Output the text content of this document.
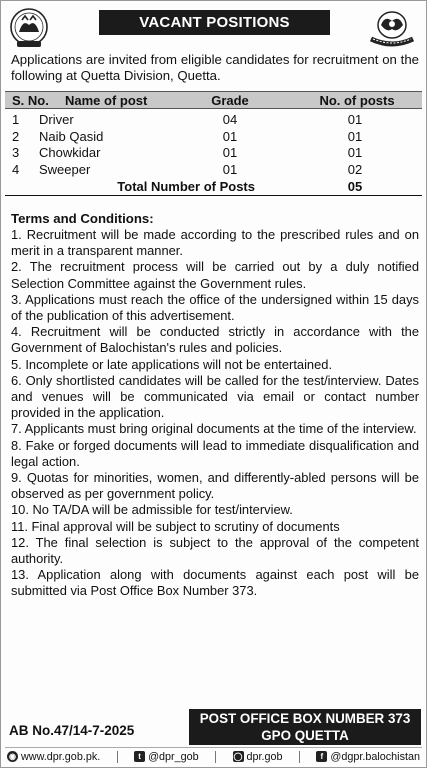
VACANT POSITIONS
Applications are invited from eligible candidates for recruitment on the following at Quetta Division, Quetta.
S. No. Name of post	Grade	No. of posts
1 Driver	04	01
2 Naib Qasid	01	01
3 Chowkidar	01	01
4 Sweeper	01	02
Total Number of Posts	05
Terms and Conditions:
1. Recruitment will be made according to the prescribed rules and on merit in a transparent manner.
2. The recruitment process will be carried out by a duly notified Selection Committee against the Government rules.
3. Applications must reach the office of the undersigned within 15 days of the publication of this advertisement.
4. Recruitment will be conducted strictly in accordance with the Government of Balochistan's rules and policies.
5. Incomplete or late applications will not be entertained.
6. Only shortlisted candidates will be called for the test/interview. Dates and venues will be communicated via email or contact number provided in the application.
7. Applicants must bring original documents at the time of the interview.
8. Fake or forged documents will lead to immediate disqualification and legal action.
9. Quotas for minorities, women, and differently-abled persons will be observed as per government policy.
10. No TA/DA will be admissible for test/interview.
11. Final approval will be subject to scrutiny of documents
12. The final selection is subject to the approval of the competent authority.
13. Application along with documents against each post will be submitted via Post Office Box Number 373.
AB No.47/14-7-2025
POST OFFICE BOX NUMBER 373
GPO QUETTA
◉ www.dpr.gob.pk.	t @dpr_gob	◯ dpr.gob	f @dgpr.balochistan
